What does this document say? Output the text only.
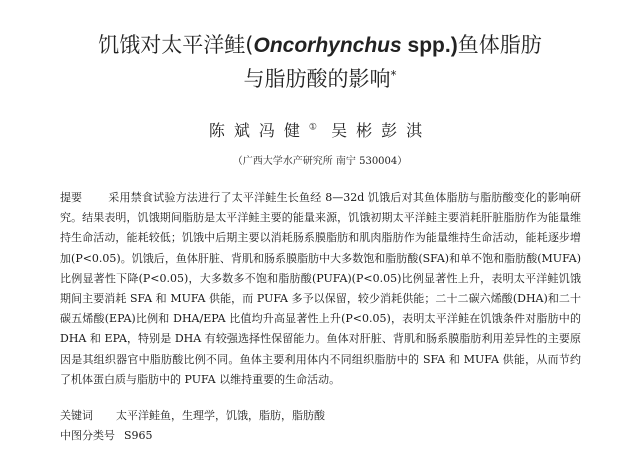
饥饿对太平洋鲑(Oncorhynchus spp.)鱼体脂肪
与脂肪酸的影响*
陈斌冯健① 吴彬彭淇
（广西大学水产研究所 南宁 530004）

提要 采用禁食试验方法进行了太平洋鲑生长鱼经 8—32d 饥饿后对其鱼体脂肪与脂肪酸变化的影响研究。结果表明，饥饿期间脂肪是太平洋鲑主要的能量来源，饥饿初期太平洋鲑主要消耗肝脏脂肪作为能量维持生命活动，能耗较低；饥饿中后期主要以消耗肠系膜脂肪和肌肉脂肪作为能量维持生命活动，能耗逐步增加(P<0.05)。饥饿后，鱼体肝脏、背肌和肠系膜脂肪中大多数饱和脂肪酸(SFA)和单不饱和脂肪酸(MUFA)比例显著性下降(P<0.05)，大多数多不饱和脂肪酸(PUFA)(P<0.05)比例显著性上升，表明太平洋鲑饥饿期间主要消耗 SFA 和 MUFA 供能，而 PUFA 多予以保留，较少消耗供能；二十二碳六烯酸(DHA)和二十碳五烯酸(EPA)比例和 DHA/EPA 比值均升高显著性上升(P<0.05)，表明太平洋鲑在饥饿条件对脂肪中的 DHA 和 EPA，特别是 DHA 有较强选择性保留能力。鱼体对肝脏、背肌和肠系膜脂肪利用差异性的主要原因是其组织器官中脂肪酸比例不同。鱼体主要利用体内不同组织脂肪中的 SFA 和 MUFA 供能，从而节约了机体蛋白质与脂肪中的 PUFA 以维持重要的生命活动。

关键词 太平洋鲑鱼，生理学，饥饿，脂肪，脂肪酸
中图分类号 S965
